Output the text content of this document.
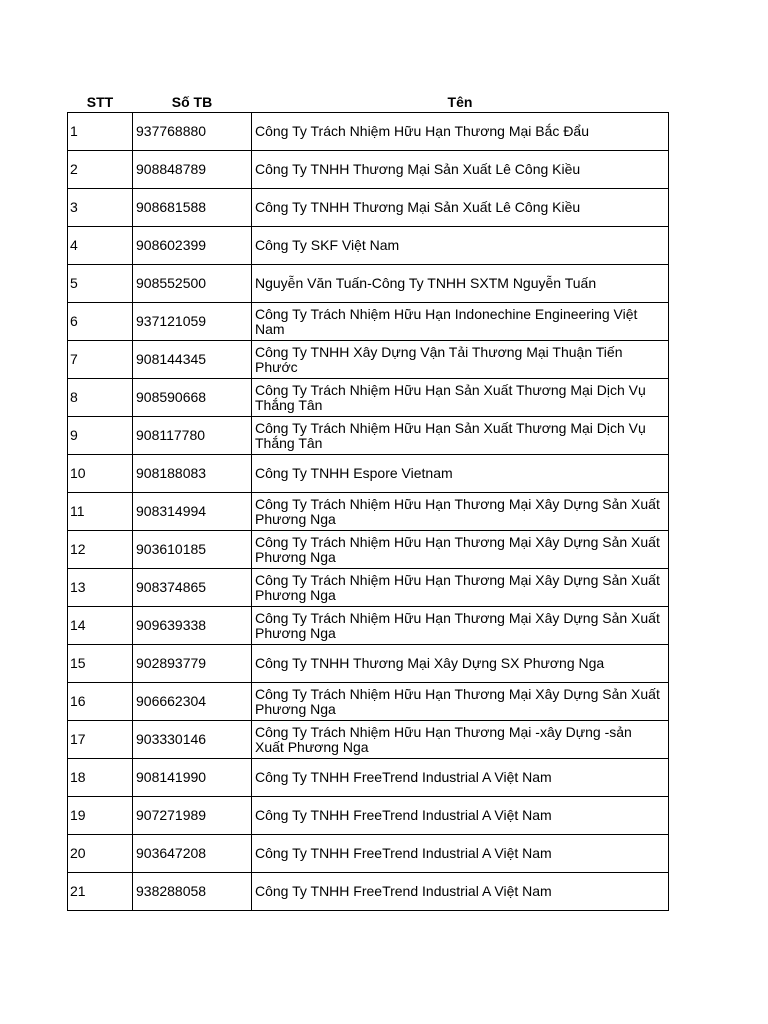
STT	Số TB	Tên
1	937768880	Công Ty Trách Nhiệm Hữu Hạn Thương Mại Bắc Đẩu
2	908848789	Công Ty TNHH Thương Mại Sản Xuất Lê Công Kiều
3	908681588	Công Ty TNHH Thương Mại Sản Xuất Lê Công Kiều
4	908602399	Công Ty SKF Việt Nam
5	908552500	Nguyễn Văn Tuấn-Công Ty TNHH SXTM Nguyễn Tuấn
6	937121059	Công Ty Trách Nhiệm Hữu Hạn Indonechine Engineering Việt Nam
7	908144345	Công Ty TNHH Xây Dựng Vận Tải Thương Mại Thuận Tiến Phước
8	908590668	Công Ty Trách Nhiệm Hữu Hạn Sản Xuất Thương Mại Dịch Vụ Thắng Tân
9	908117780	Công Ty Trách Nhiệm Hữu Hạn Sản Xuất Thương Mại Dịch Vụ Thắng Tân
10	908188083	Công Ty TNHH Espore Vietnam
11	908314994	Công Ty Trách Nhiệm Hữu Hạn Thương Mại Xây Dựng Sản Xuất Phương Nga
12	903610185	Công Ty Trách Nhiệm Hữu Hạn Thương Mại Xây Dựng Sản Xuất Phương Nga
13	908374865	Công Ty Trách Nhiệm Hữu Hạn Thương Mại Xây Dựng Sản Xuất Phương Nga
14	909639338	Công Ty Trách Nhiệm Hữu Hạn Thương Mại Xây Dựng Sản Xuất Phương Nga
15	902893779	Công Ty TNHH Thương Mại Xây Dựng SX Phương Nga
16	906662304	Công Ty Trách Nhiệm Hữu Hạn Thương Mại Xây Dựng Sản Xuất Phương Nga
17	903330146	Công Ty Trách Nhiệm Hữu Hạn Thương Mại -xây Dựng -sản Xuất Phương Nga
18	908141990	Công Ty TNHH FreeTrend Industrial A Việt Nam
19	907271989	Công Ty TNHH FreeTrend Industrial A Việt Nam
20	903647208	Công Ty TNHH FreeTrend Industrial A Việt Nam
21	938288058	Công Ty TNHH FreeTrend Industrial A Việt Nam
